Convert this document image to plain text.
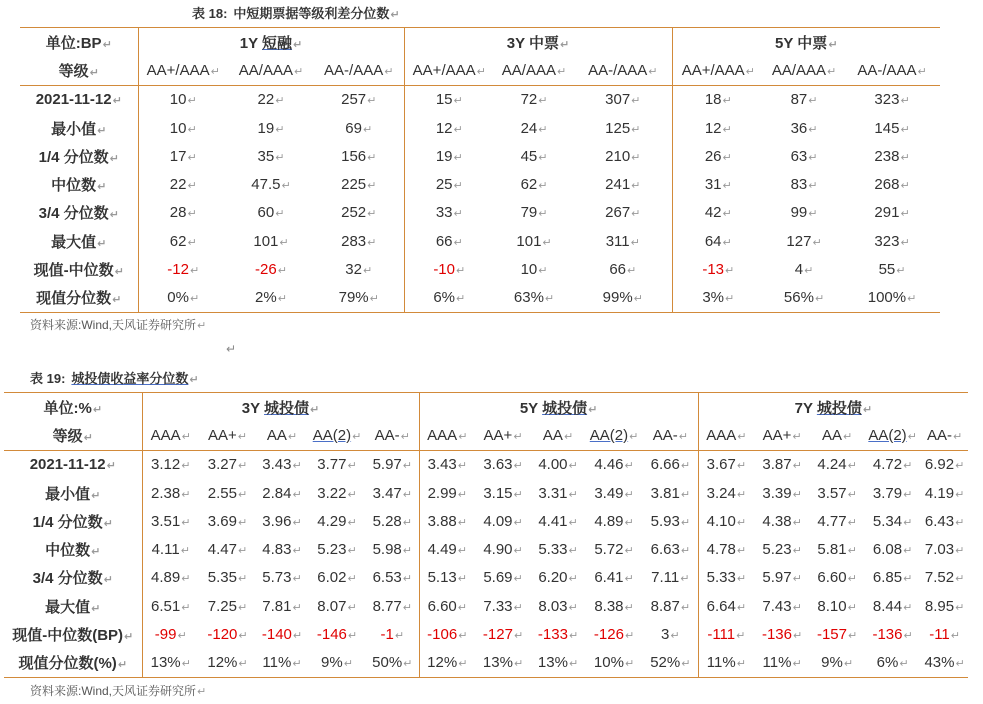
表 18: 中短期票据等级利差分位数 ↵
单位:BP ↵	1Y 短融 ↵			3Y 中票 ↵			5Y 中票 ↵
等级 ↵	AA+/AAA ↵	AA/AAA ↵	AA-/AAA ↵	AA+/AAA ↵	AA/AAA ↵	AA-/AAA ↵	AA+/AAA ↵	AA/AAA ↵	AA-/AAA ↵
2021-11-12 ↵	10 ↵	22 ↵	257 ↵	15 ↵	72 ↵	307 ↵	18 ↵	87 ↵	323 ↵
最小值 ↵	10 ↵	19 ↵	69 ↵	12 ↵	24 ↵	125 ↵	12 ↵	36 ↵	145 ↵
1/4 分位数 ↵	17 ↵	35 ↵	156 ↵	19 ↵	45 ↵	210 ↵	26 ↵	63 ↵	238 ↵
中位数 ↵	22 ↵	47.5 ↵	225 ↵	25 ↵	62 ↵	241 ↵	31 ↵	83 ↵	268 ↵
3/4 分位数 ↵	28 ↵	60 ↵	252 ↵	33 ↵	79 ↵	267 ↵	42 ↵	99 ↵	291 ↵
最大值 ↵	62 ↵	101 ↵	283 ↵	66 ↵	101 ↵	311 ↵	64 ↵	127 ↵	323 ↵
现值-中位数 ↵	-12 ↵	-26 ↵	32 ↵	-10 ↵	10 ↵	66 ↵	-13 ↵	4 ↵	55 ↵
现值分位数 ↵	0% ↵	2% ↵	79% ↵	6% ↵	63% ↵	99% ↵	3% ↵	56% ↵	100% ↵
资料来源:Wind,天风证券研究所 ↵
↵
表 19: 城投债收益率分位数 ↵
单位:% ↵	3Y 城投债 ↵					5Y 城投债 ↵					7Y 城投债 ↵
等级 ↵	AAA ↵	AA+ ↵	AA ↵	AA(2) ↵	AA- ↵	AAA ↵	AA+ ↵	AA ↵	AA(2) ↵	AA- ↵	AAA ↵	AA+ ↵	AA ↵	AA(2) ↵	AA- ↵
2021-11-12 ↵	3.12 ↵	3.27 ↵	3.43 ↵	3.77 ↵	5.97 ↵	3.43 ↵	3.63 ↵	4.00 ↵	4.46 ↵	6.66 ↵	3.67 ↵	3.87 ↵	4.24 ↵	4.72 ↵	6.92 ↵
最小值 ↵	2.38 ↵	2.55 ↵	2.84 ↵	3.22 ↵	3.47 ↵	2.99 ↵	3.15 ↵	3.31 ↵	3.49 ↵	3.81 ↵	3.24 ↵	3.39 ↵	3.57 ↵	3.79 ↵	4.19 ↵
1/4 分位数 ↵	3.51 ↵	3.69 ↵	3.96 ↵	4.29 ↵	5.28 ↵	3.88 ↵	4.09 ↵	4.41 ↵	4.89 ↵	5.93 ↵	4.10 ↵	4.38 ↵	4.77 ↵	5.34 ↵	6.43 ↵
中位数 ↵	4.11 ↵	4.47 ↵	4.83 ↵	5.23 ↵	5.98 ↵	4.49 ↵	4.90 ↵	5.33 ↵	5.72 ↵	6.63 ↵	4.78 ↵	5.23 ↵	5.81 ↵	6.08 ↵	7.03 ↵
3/4 分位数 ↵	4.89 ↵	5.35 ↵	5.73 ↵	6.02 ↵	6.53 ↵	5.13 ↵	5.69 ↵	6.20 ↵	6.41 ↵	7.11 ↵	5.33 ↵	5.97 ↵	6.60 ↵	6.85 ↵	7.52 ↵
最大值 ↵	6.51 ↵	7.25 ↵	7.81 ↵	8.07 ↵	8.77 ↵	6.60 ↵	7.33 ↵	8.03 ↵	8.38 ↵	8.87 ↵	6.64 ↵	7.43 ↵	8.10 ↵	8.44 ↵	8.95 ↵
现值-中位数(BP) ↵	-99 ↵	-120 ↵	-140 ↵	-146 ↵	-1 ↵	-106 ↵	-127 ↵	-133 ↵	-126 ↵	3 ↵	-111 ↵	-136 ↵	-157 ↵	-136 ↵	-11 ↵
现值分位数(%) ↵	13% ↵	12% ↵	11% ↵	9% ↵	50% ↵	12% ↵	13% ↵	13% ↵	10% ↵	52% ↵	11% ↵	11% ↵	9% ↵	6% ↵	43% ↵
资料来源:Wind,天风证券研究所 ↵
